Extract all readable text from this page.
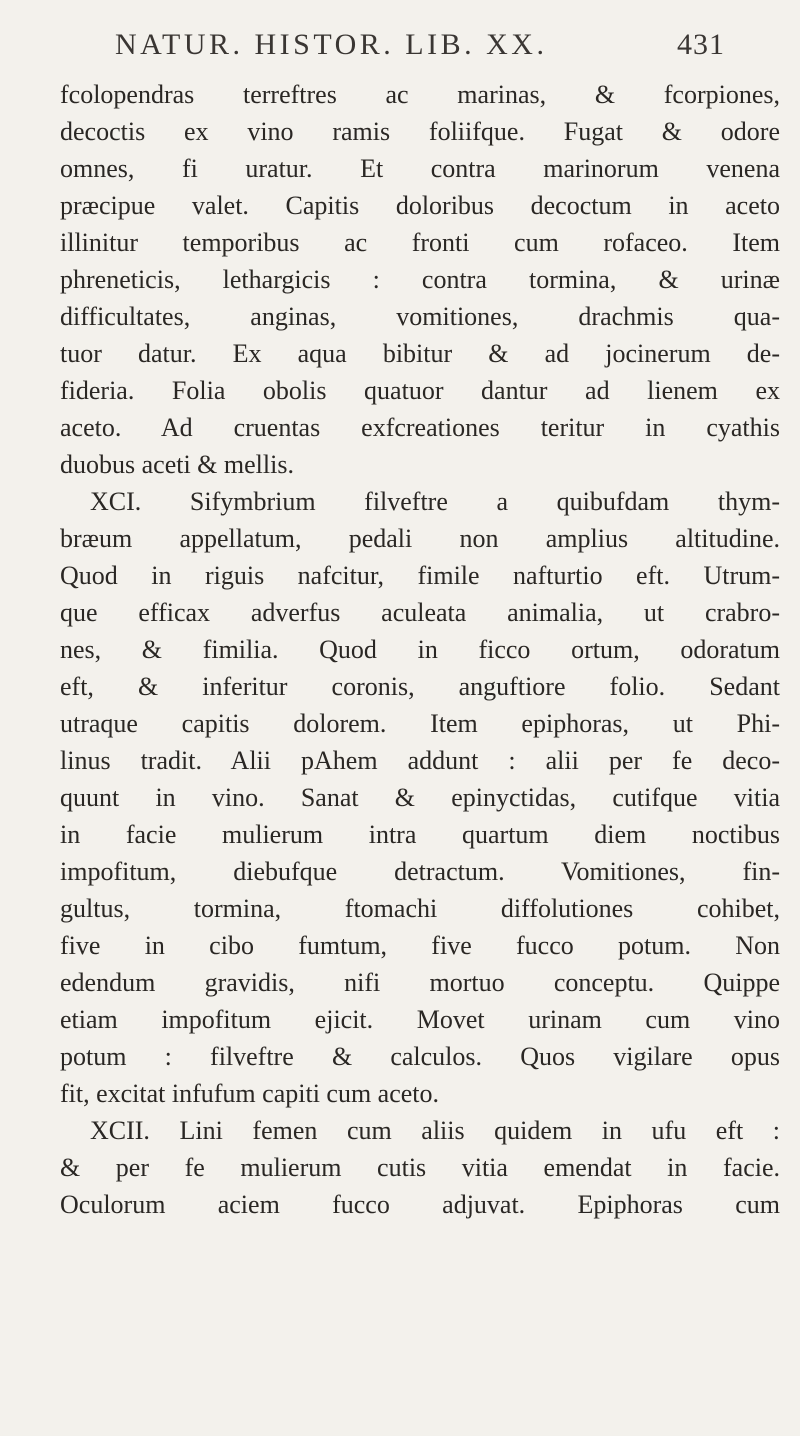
NATUR. HISTOR. LIB. XX.	431
fcolopendras terreftres ac marinas, & fcorpiones,
decoctis ex vino ramis foliifque. Fugat & odore
omnes, fi uratur. Et contra marinorum venena
præcipue valet. Capitis doloribus decoctum in aceto
illinitur temporibus ac fronti cum rofaceo. Item
phreneticis, lethargicis : contra tormina, & urinæ
difficultates, anginas, vomitiones, drachmis qua-
tuor datur. Ex aqua bibitur & ad jocinerum de-
fideria. Folia obolis quatuor dantur ad lienem ex
aceto. Ad cruentas exfcreationes teritur in cyathis
duobus aceti & mellis.
XCI. Sifymbrium filveftre a quibufdam thym-
bræum appellatum, pedali non amplius altitudine.
Quod in riguis nafcitur, fimile nafturtio eft. Utrum-
que efficax adverfus aculeata animalia, ut crabro-
nes, & fimilia. Quod in ficco ortum, odoratum
eft, & inferitur coronis, anguftiore folio. Sedant
utraque capitis dolorem. Item epiphoras, ut Phi-
linus tradit. Alii pAhem addunt : alii per fe deco-
quunt in vino. Sanat & epinyctidas, cutifque vitia
in facie mulierum intra quartum diem noctibus
impofitum, diebufque detractum. Vomitiones, fin-
gultus, tormina, ftomachi diffolutiones cohibet,
five in cibo fumtum, five fucco potum. Non
edendum gravidis, nifi mortuo conceptu. Quippe
etiam impofitum ejicit. Movet urinam cum vino
potum : filveftre & calculos. Quos vigilare opus
fit, excitat infufum capiti cum aceto.
XCII. Lini femen cum aliis quidem in ufu eft :
& per fe mulierum cutis vitia emendat in facie.
Oculorum aciem fucco adjuvat. Epiphoras cum
